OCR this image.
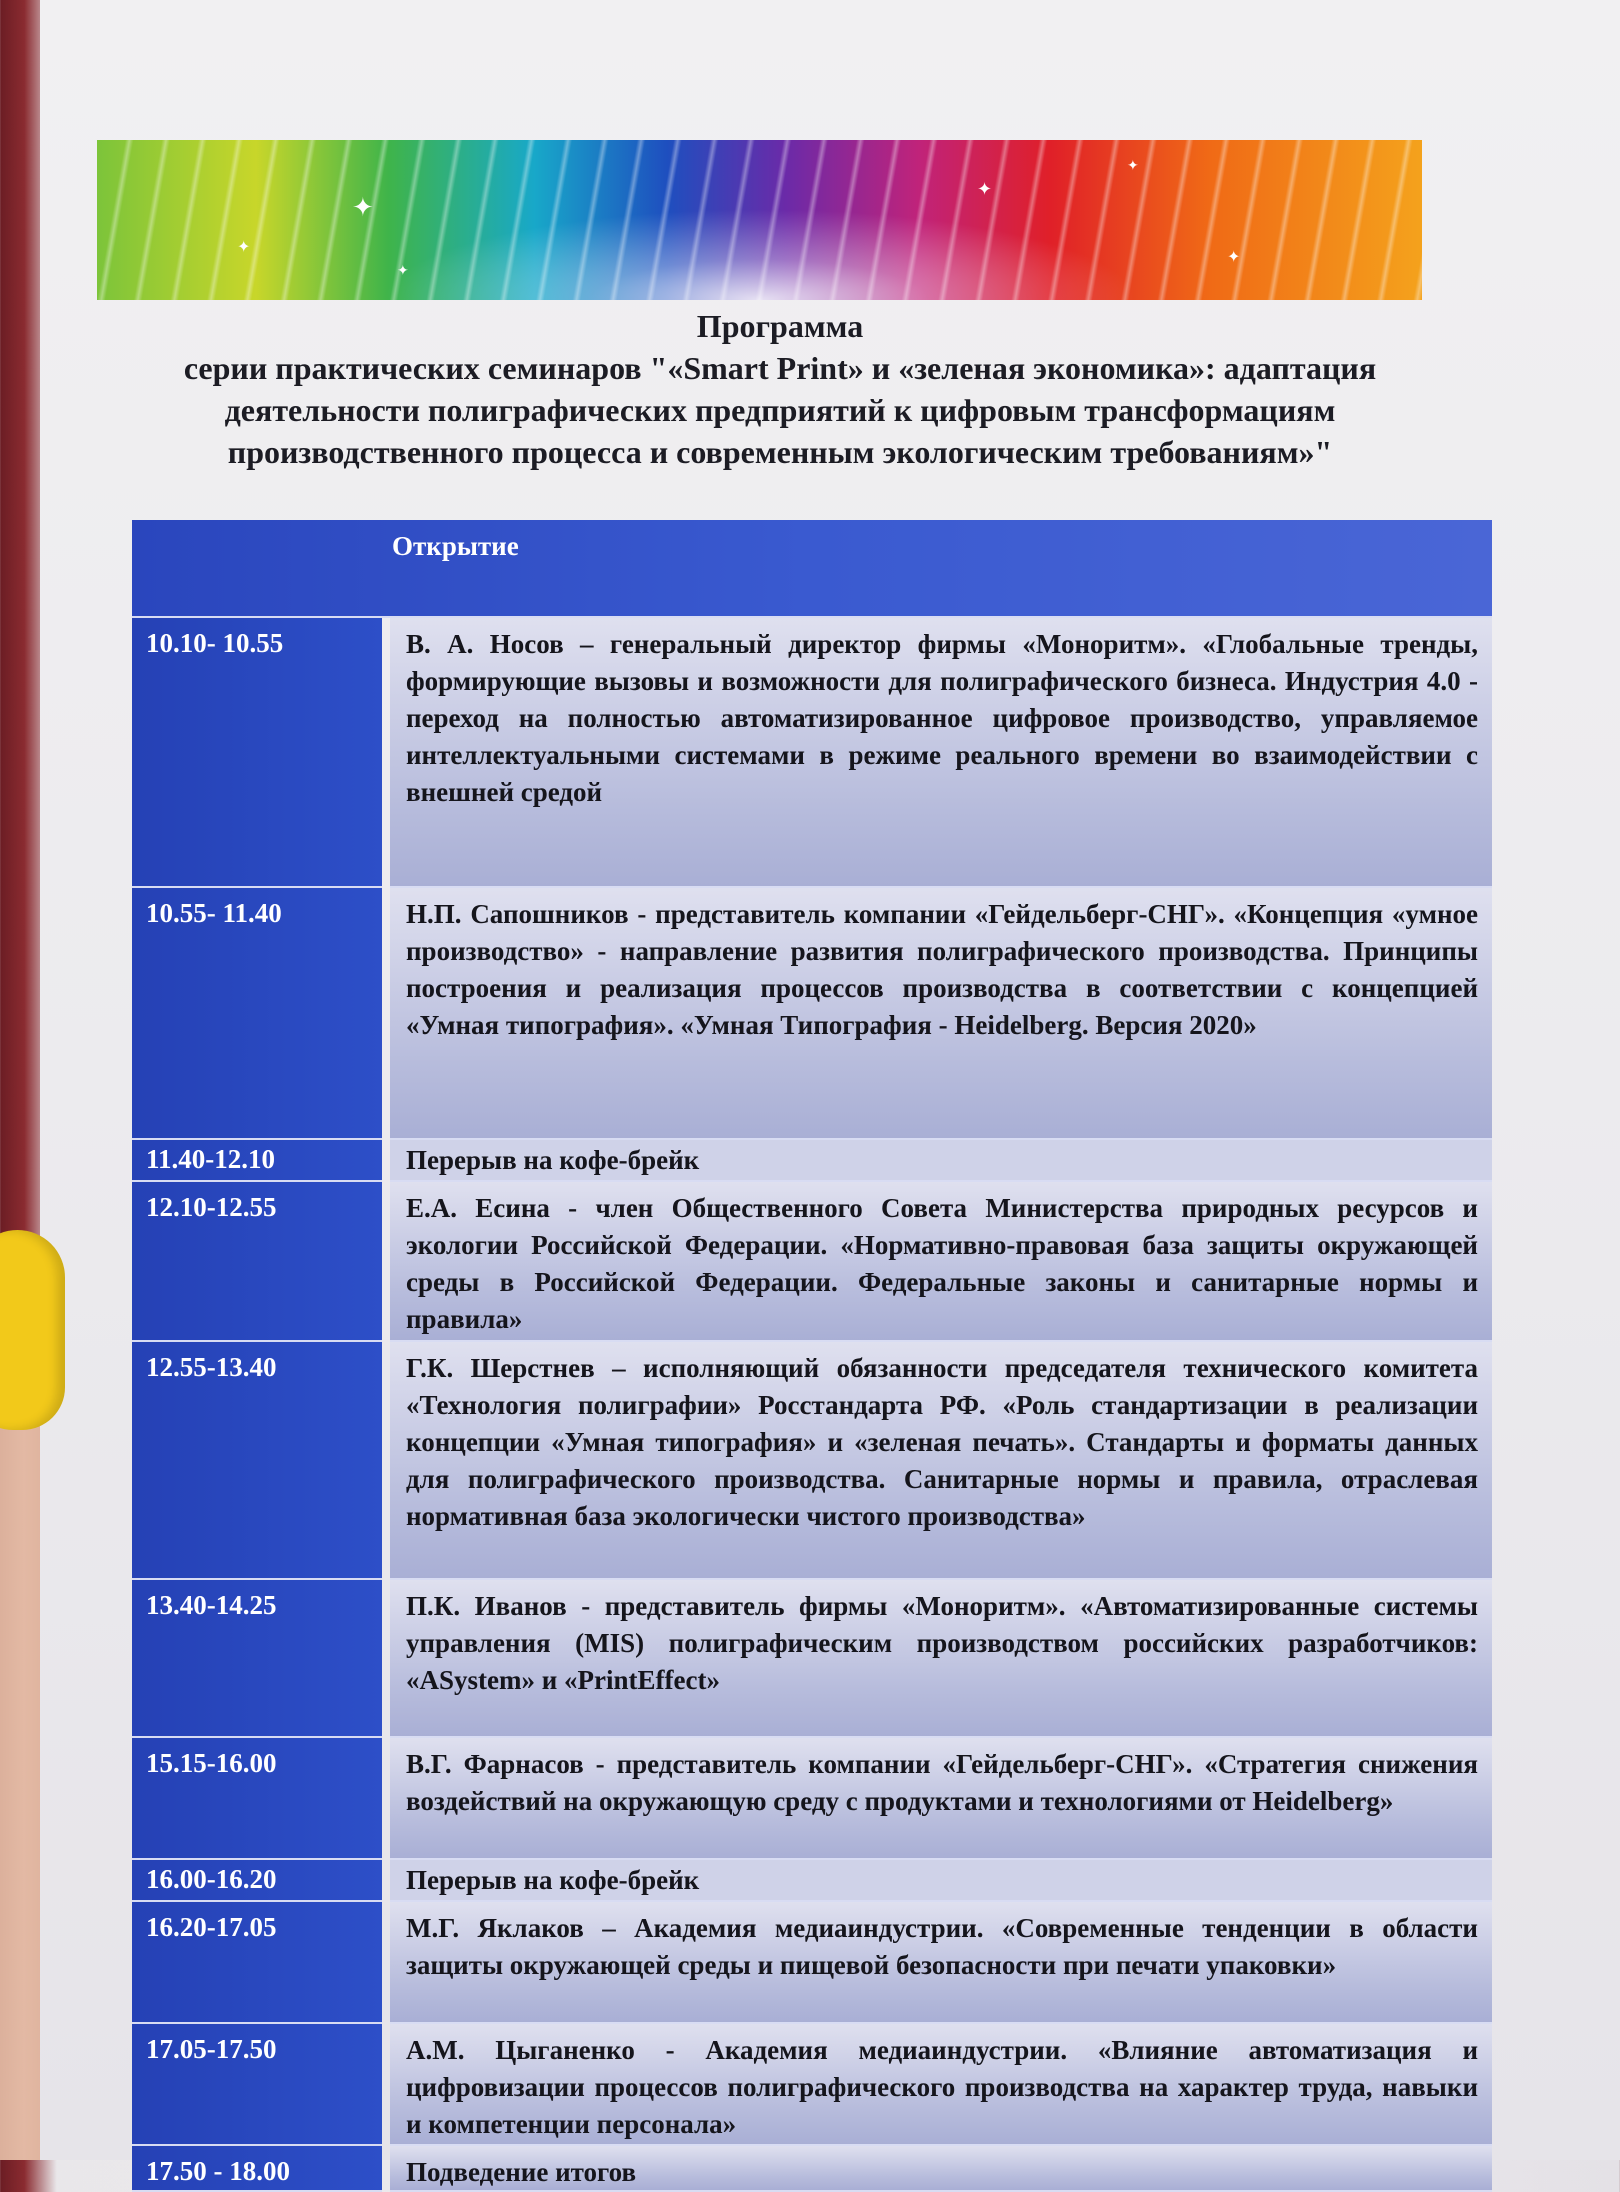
✦
✦
✦
✦
✦
✦
Программа
серии практических семинаров "«Smart Print» и «зеленая экономика»: адаптация деятельности полиграфических предприятий к цифровым трансформациям производственного процесса и современным экологическим требованиям»"
Открытие
10.10- 10.55	В. А. Носов – генеральный директор фирмы «Моноритм». «Глобальные тренды, формирующие вызовы и возможности для полиграфического бизнеса. Индустрия 4.0 - переход на полностью автоматизированное цифровое производство, управляемое интеллектуальными системами в режиме реального времени во взаимодействии с внешней средой
10.55- 11.40	Н.П. Сапошников - представитель компании «Гейдельберг-СНГ». «Концепция «умное производство» - направление развития полиграфического производства. Принципы построения и реализация процессов производства в соответствии с концепцией «Умная типография». «Умная Типография - Heidelberg. Версия 2020»
11.40-12.10	Перерыв на кофе-брейк
12.10-12.55	Е.А. Есина - член Общественного Совета Министерства природных ресурсов и экологии Российской Федерации. «Нормативно-правовая база защиты окружающей среды в Российской Федерации. Федеральные законы и санитарные нормы и правила»
12.55-13.40	Г.К. Шерстнев – исполняющий обязанности председателя технического комитета «Технология полиграфии» Росстандарта РФ. «Роль стандартизации в реализации концепции «Умная типография» и «зеленая печать». Стандарты и форматы данных для полиграфического производства. Санитарные нормы и правила, отраслевая нормативная база экологически чистого производства»
13.40-14.25	П.К. Иванов - представитель фирмы «Моноритм». «Автоматизированные системы управления (MIS) полиграфическим производством российских разработчиков: «ASystem» и «PrintEffect»
15.15-16.00	В.Г. Фарнасов - представитель компании «Гейдельберг-СНГ». «Стратегия снижения воздействий на окружающую среду с продуктами и технологиями от Heidelberg»
16.00-16.20	Перерыв на кофе-брейк
16.20-17.05	М.Г. Яклаков – Академия медиаиндустрии. «Современные тенденции в области защиты окружающей среды и пищевой безопасности при печати упаковки»
17.05-17.50	А.М. Цыганенко - Академия медиаиндустрии. «Влияние автоматизация и цифровизации процессов полиграфического производства на характер труда, навыки и компетенции персонала»
17.50 - 18.00	Подведение итогов
